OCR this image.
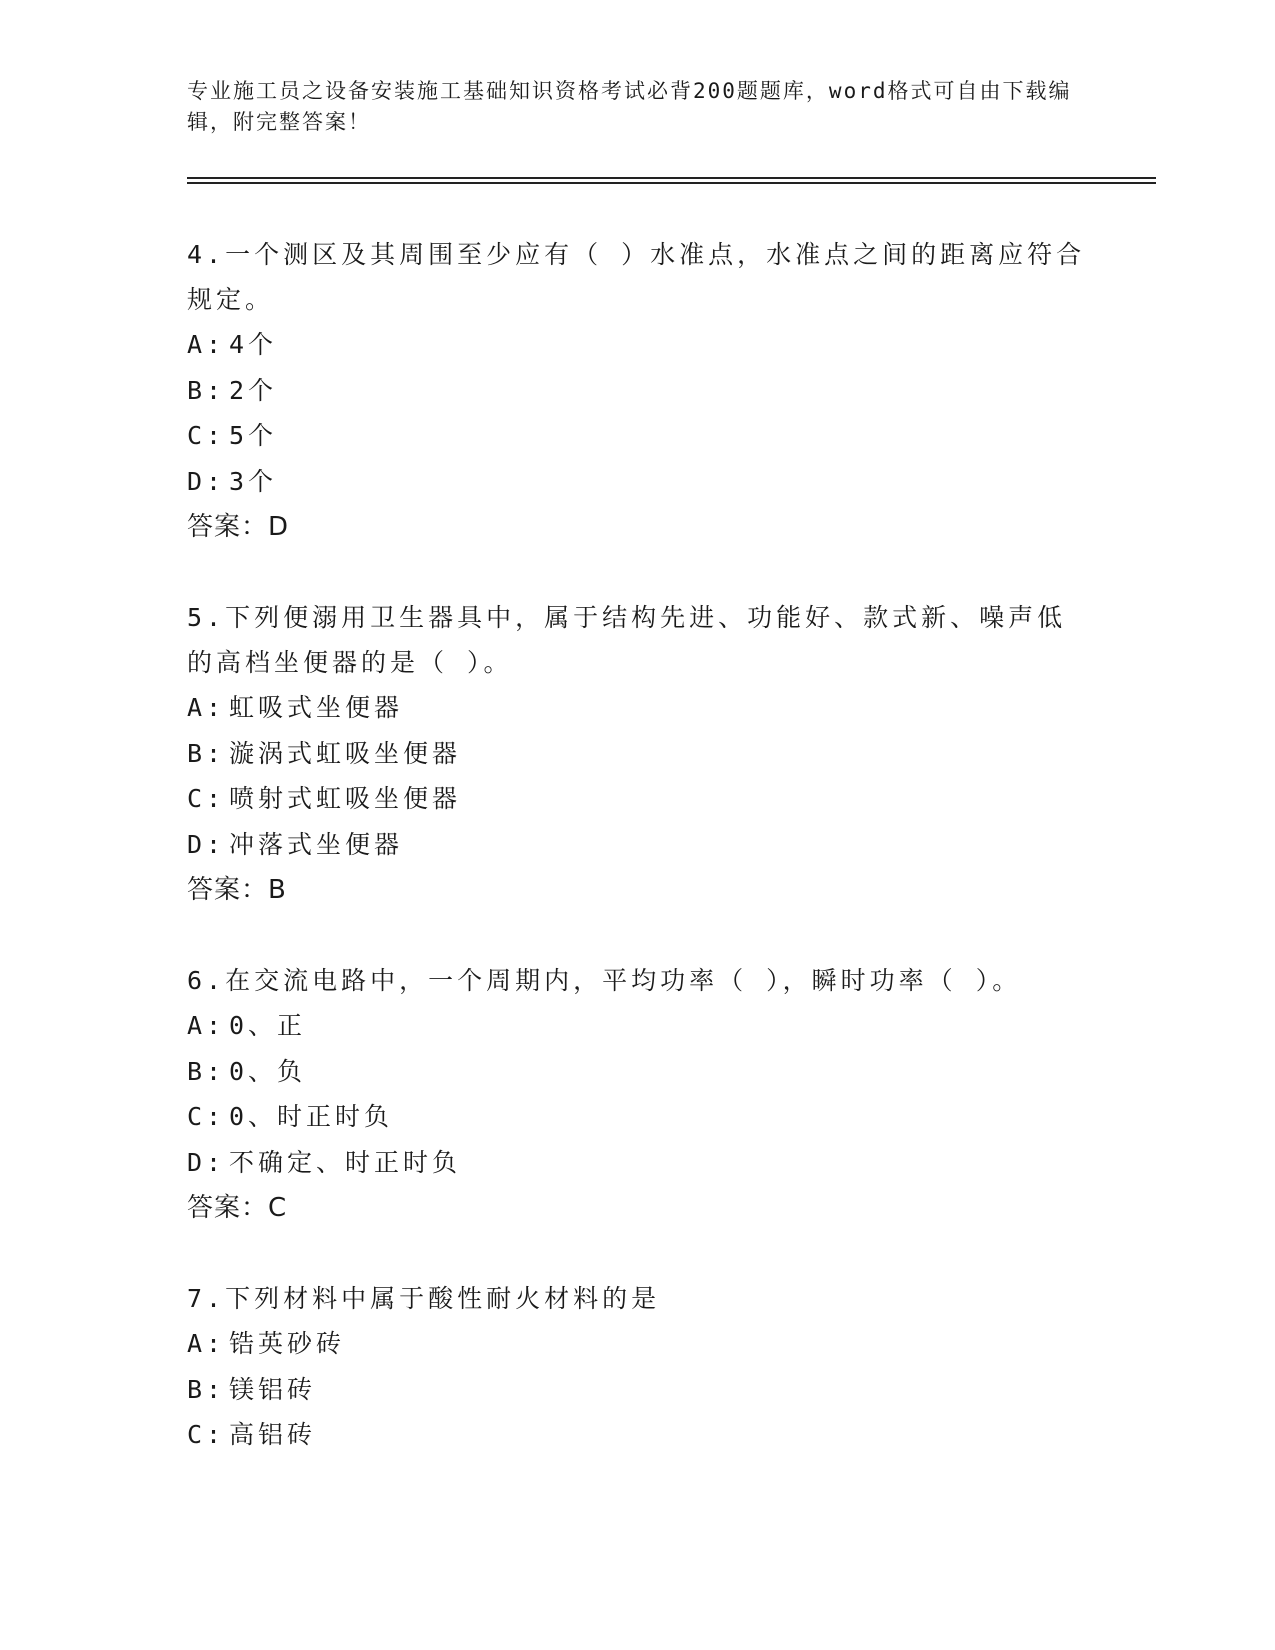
专业施工员之设备安装施工基础知识资格考试必背200题题库，word格式可自由下载编辑，附完整答案！
4.一个测区及其周围至少应有（ ）水准点，水准点之间的距离应符合规定。
A: 4个
B: 2个
C: 5个
D: 3个
答案：D
5.下列便溺用卫生器具中，属于结构先进、功能好、款式新、噪声低的高档坐便器的是（ ）。
A: 虹吸式坐便器
B: 漩涡式虹吸坐便器
C: 喷射式虹吸坐便器
D: 冲落式坐便器
答案：B
6.在交流电路中，一个周期内，平均功率（ ），瞬时功率（ ）。
A: 0、正
B: 0、负
C: 0、时正时负
D: 不确定、时正时负
答案：C
7.下列材料中属于酸性耐火材料的是
A: 锆英砂砖
B: 镁铝砖
C: 高铝砖
